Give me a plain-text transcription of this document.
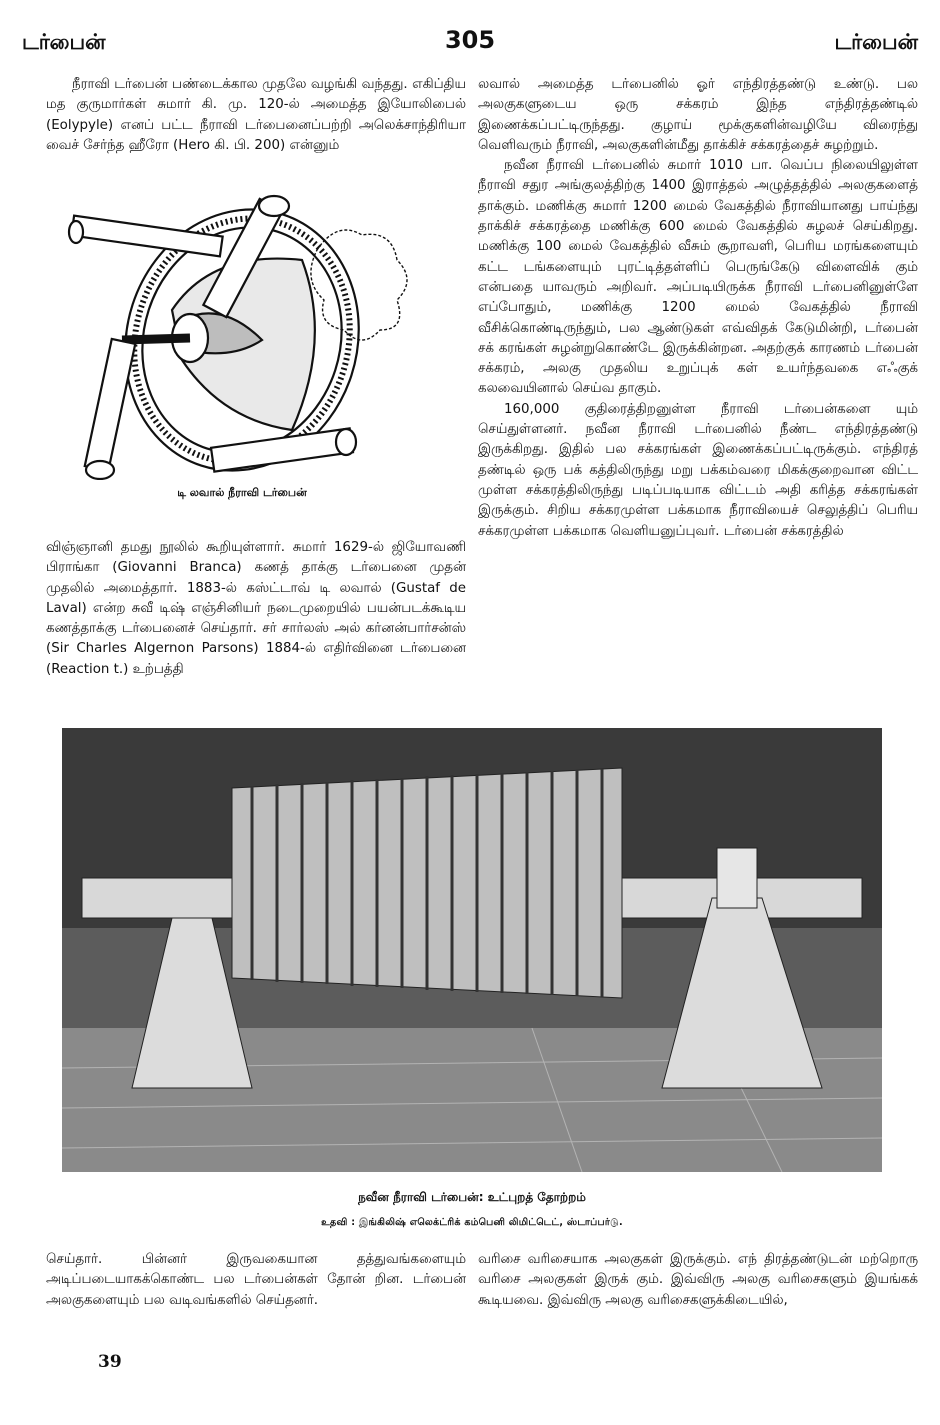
டர்பைன்	305	டர்பைன்

நீராவி டர்பைன் பண்டைக்கால முதலே வழங்கி வந்தது. எகிப்திய மத குருமார்கள் சுமார் கி. மு. 120-ல் அமைத்த இயோலிபைல் (Eolypyle) எனப் பட்ட நீராவி டர்பைனைப்பற்றி அலெக்சாந்திரியா வைச் சேர்ந்த ஹீரோ (Hero கி. பி. 200) என்னும்

டி லவால் நீராவி டர்பைன்

விஞ்ஞானி தமது நூலில் கூறியுள்ளார். சுமார் 1629-ல் ஜியோவணி பிராங்கா (Giovanni Branca) கணத் தாக்கு டர்பைனை முதன் முதலில் அமைத்தார். 1883-ல் கஸ்ட்டாவ் டி லவால் (Gustaf de Laval) என்ற சுவீ டிஷ் எஞ்சினியர் நடைமுறையில் பயன்படக்கூடிய கணத்தாக்கு டர்பைனைச் செய்தார். சர் சார்லஸ் அல் கர்னன்பார்சன்ஸ் (Sir Charles Algernon Parsons) 1884-ல் எதிர்வினை டர்பைனை (Reaction t.) உற்பத்தி

லவால் அமைத்த டர்பைனில் ஓர் எந்திரத்தண்டு உண்டு. பல அலகுகளுடைய ஒரு சக்கரம் இந்த எந்திரத்தண்டில் இணைக்கப்பட்டிருந்தது. குழாய் மூக்குகளின்வழியே விரைந்து வெளிவரும் நீராவி, அலகுகளின்மீது தாக்கிச் சக்கரத்தைச் சுழற்றும்.

நவீன நீராவி டர்பைனில் சுமார் 1010 பா. வெப்ப நிலையிலுள்ள நீராவி சதுர அங்குலத்திற்கு 1400 இராத்தல் அழுத்தத்தில் அலகுகளைத் தாக்கும். மணிக்கு சுமார் 1200 மைல் வேகத்தில் நீராவியானது பாய்ந்து தாக்கிச் சக்கரத்தை மணிக்கு 600 மைல் வேகத்தில் சுழலச் செய்கிறது. மணிக்கு 100 மைல் வேகத்தில் வீசும் சூறாவளி, பெரிய மரங்களையும் கட்ட டங்களையும் புரட்டித்தள்ளிப் பெருங்கேடு விளைவிக் கும் என்பதை யாவரும் அறிவர். அப்படியிருக்க நீராவி டர்பைனினுள்ளே எப்போதும், மணிக்கு 1200 மைல் வேகத்தில் நீராவி வீசிக்கொண்டிருந்தும், பல ஆண்டுகள் எவ்விதக் கேடுமின்றி, டர்பைன் சக் கரங்கள் சுழன்றுகொண்டே இருக்கின்றன. அதற்குக் காரணம் டர்பைன் சக்கரம், அலகு முதலிய உறுப்புக் கள் உயர்ந்தவகை எஃகுக் கலவையினால் செய்வ தாகும்.

160,000 குதிரைத்திறனுள்ள நீராவி டர்பைன்களை யும் செய்துள்ளனர். நவீன நீராவி டர்பைனில் நீண்ட எந்திரத்தண்டு இருக்கிறது. இதில் பல சக்கரங்கள் இணைக்கப்பட்டிருக்கும். எந்திரத் தண்டில் ஒரு பக் கத்திலிருந்து மறு பக்கம்வரை மிகக்குறைவான விட்ட முள்ள சக்கரத்திலிருந்து படிப்படியாக விட்டம் அதி கரித்த சக்கரங்கள் இருக்கும். சிறிய சக்கரமுள்ள பக்கமாக நீராவியைச் செலுத்திப் பெரிய சக்கரமுள்ள பக்கமாக வெளியனுப்புவர். டர்பைன் சக்கரத்தில்

நவீன நீராவி டர்பைன்: உட்புறத் தோற்றம்
உதவி : இங்கிலிஷ் எலெக்ட்ரிக் கம்பெனி லிமிட்டெட், ஸ்டாப்பர்டு.

செய்தார். பின்னர் இருவகையான தத்துவங்களையும் அடிப்படையாகக்கொண்ட பல டர்பைன்கள் தோன் றின. டர்பைன் அலகுகளையும் பல வடிவங்களில் செய்தனர்.

வரிசை வரிசையாக அலகுகள் இருக்கும். எந் திரத்தண்டுடன் மற்றொரு வரிசை அலகுகள் இருக் கும். இவ்விரு அலகு வரிசைகளும் இயங்கக் கூடியவை. இவ்விரு அலகு வரிசைகளுக்கிடையில்,

39
